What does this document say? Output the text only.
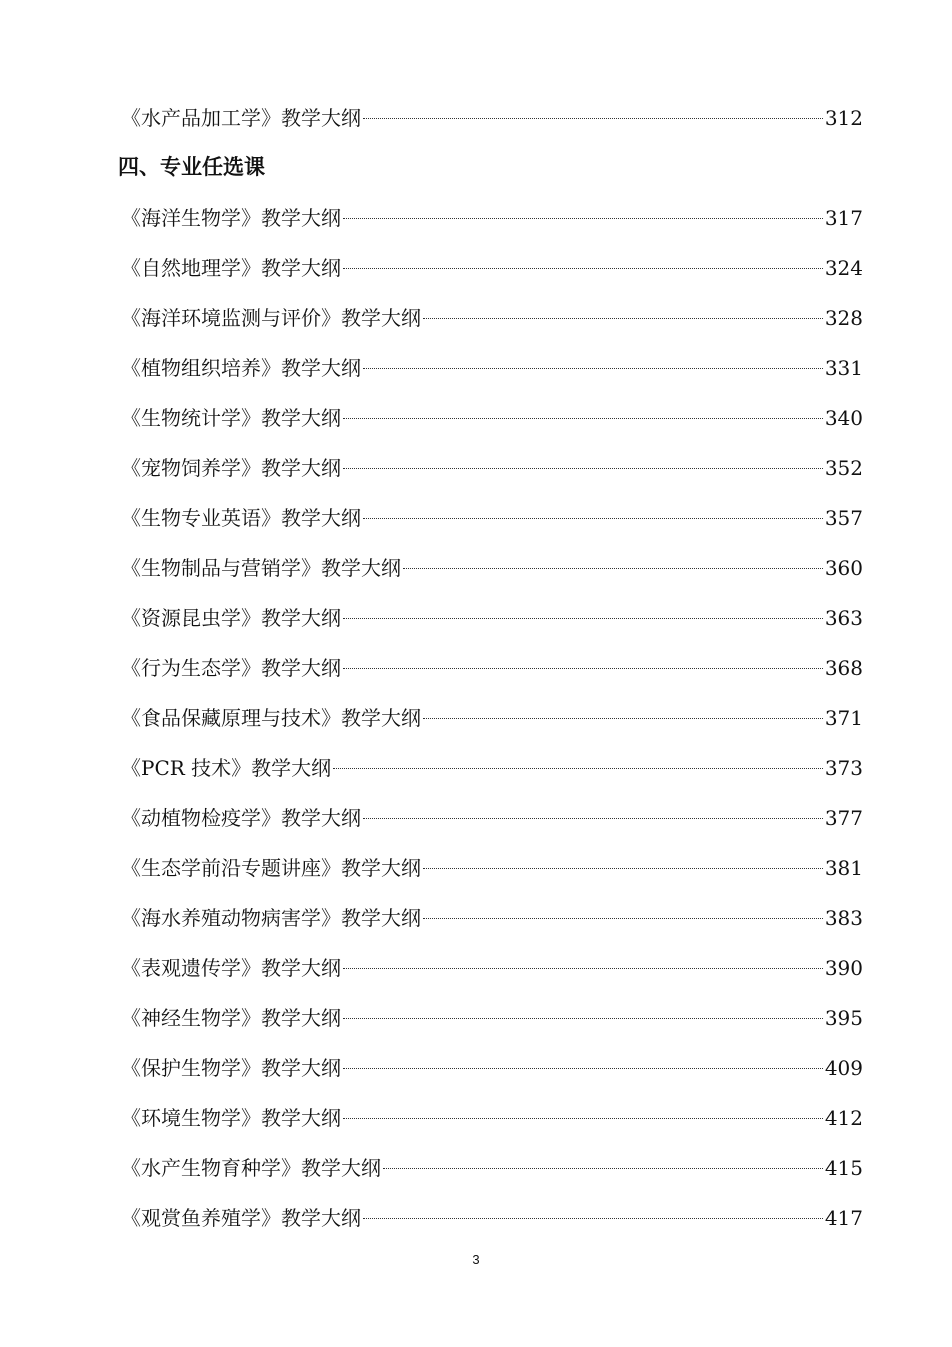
《水产品加工学》教学大纲	312
四、专业任选课
《海洋生物学》教学大纲	317
《自然地理学》教学大纲	324
《海洋环境监测与评价》教学大纲	328
《植物组织培养》教学大纲	331
《生物统计学》教学大纲	340
《宠物饲养学》教学大纲	352
《生物专业英语》教学大纲	357
《生物制品与营销学》教学大纲	360
《资源昆虫学》教学大纲	363
《行为生态学》教学大纲	368
《食品保藏原理与技术》教学大纲	371
《PCR 技术》教学大纲	373
《动植物检疫学》教学大纲	377
《生态学前沿专题讲座》教学大纲	381
《海水养殖动物病害学》教学大纲	383
《表观遗传学》教学大纲	390
《神经生物学》教学大纲	395
《保护生物学》教学大纲	409
《环境生物学》教学大纲	412
《水产生物育种学》教学大纲	415
《观赏鱼养殖学》教学大纲	417
3
